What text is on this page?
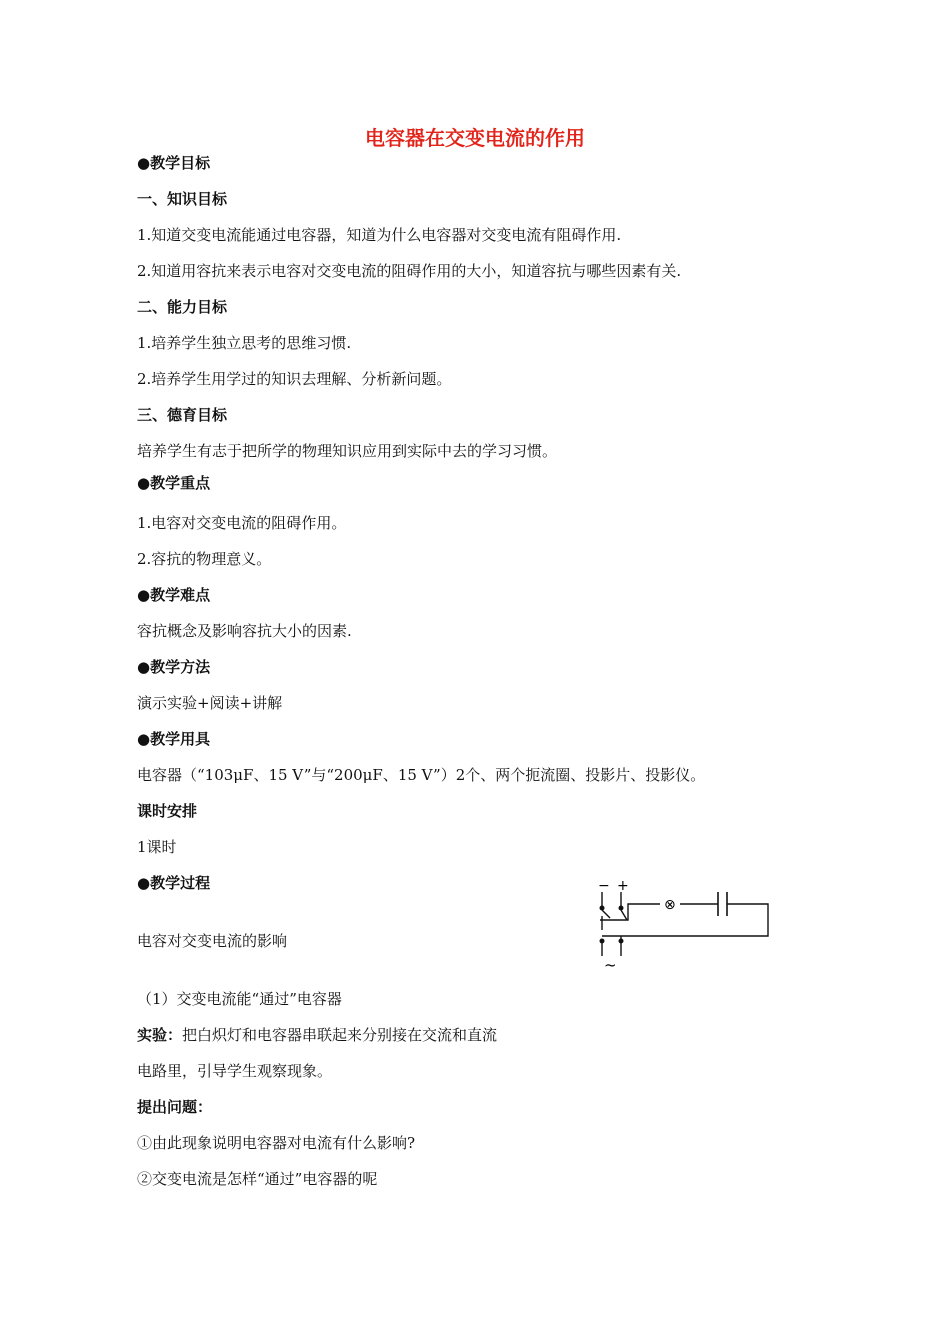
电容器在交变电流的作用
●教学目标
一、知识目标
1.知道交变电流能通过电容器，知道为什么电容器对交变电流有阻碍作用.
2.知道用容抗来表示电容对交变电流的阻碍作用的大小，知道容抗与哪些因素有关.
二、能力目标
1.培养学生独立思考的思维习惯.
2.培养学生用学过的知识去理解、分析新问题。
三、德育目标
培养学生有志于把所学的物理知识应用到实际中去的学习习惯。
●教学重点
1.电容对交变电流的阻碍作用。
2.容抗的物理意义。
●教学难点
容抗概念及影响容抗大小的因素.
●教学方法
演示实验+阅读+讲解
●教学用具
电容器（“103μF、15 V”与“200μF、15 V”）2个、两个扼流圈、投影片、投影仪。
课时安排
1课时
●教学过程
电容对交变电流的影响
（1）交变电流能“通过”电容器
实验：把白炽灯和电容器串联起来分别接在交流和直流
电路里，引导学生观察现象。
提出问题：
①由此现象说明电容器对电流有什么影响?
②交变电流是怎样“通过”电容器的呢
− +
⊗
~
